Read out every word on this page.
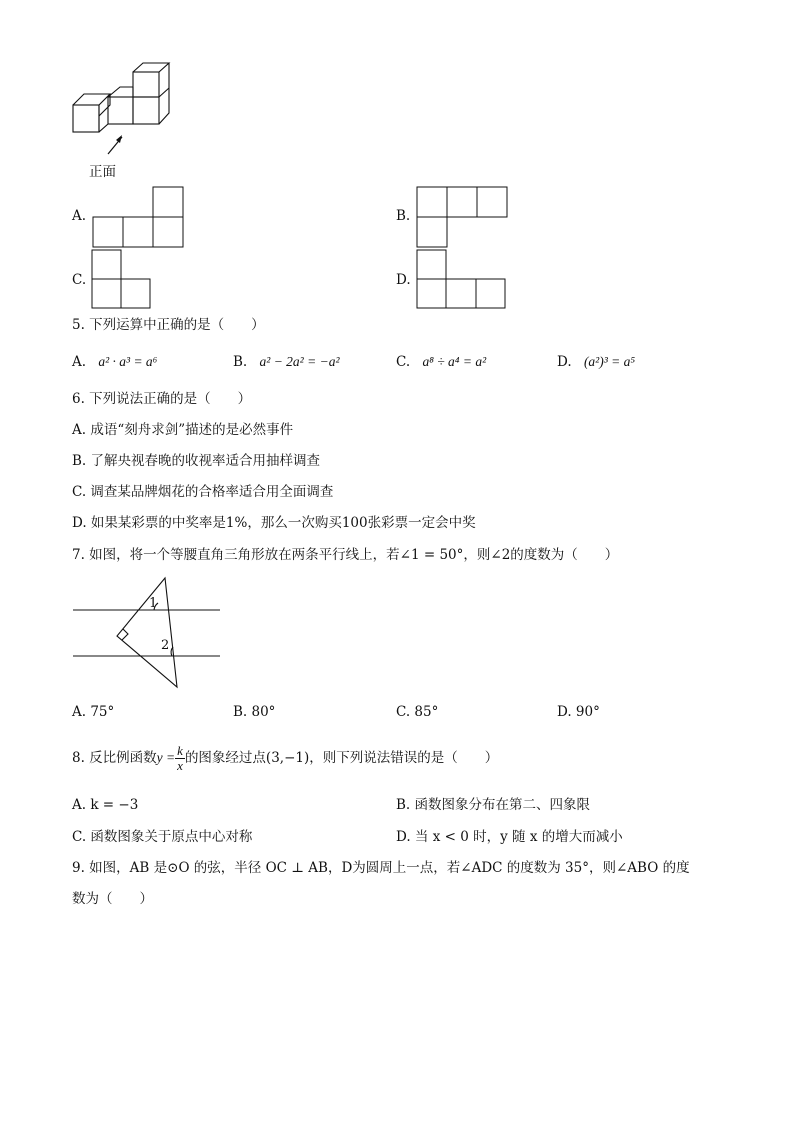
正面
A.	B.
C.	D.
5. 下列运算中正确的是（　　）
A. a² · a³ = a⁶	B. a² − 2a² = −a²	C. a⁸ ÷ a⁴ = a²	D. (a²)³ = a⁵
6. 下列说法正确的是（　　）
A. 成语“刻舟求剑”描述的是必然事件
B. 了解央视春晚的收视率适合用抽样调查
C. 调查某品牌烟花的合格率适合用全面调查
D. 如果某彩票的中奖率是1%，那么一次购买100张彩票一定会中奖
7. 如图，将一个等腰直角三角形放在两条平行线上，若∠1 = 50°，则∠2的度数为（　　）
1
2
A. 75°	B. 80°	C. 85°	D. 90°
8. 反比例函数$y = \frac{k}{x}$ 的图象经过点(3,−1)，则下列说法错误的是（　　）
A. k = −3	B. 函数图象分布在第二、四象限
C. 函数图象关于原点中心对称	D. 当 x < 0 时，y 随 x 的增大而减小
9. 如图，AB 是⊙O 的弦，半径 OC ⊥ AB，D为圆周上一点，若∠ADC 的度数为 35°，则∠ABO 的度
数为（　　）
